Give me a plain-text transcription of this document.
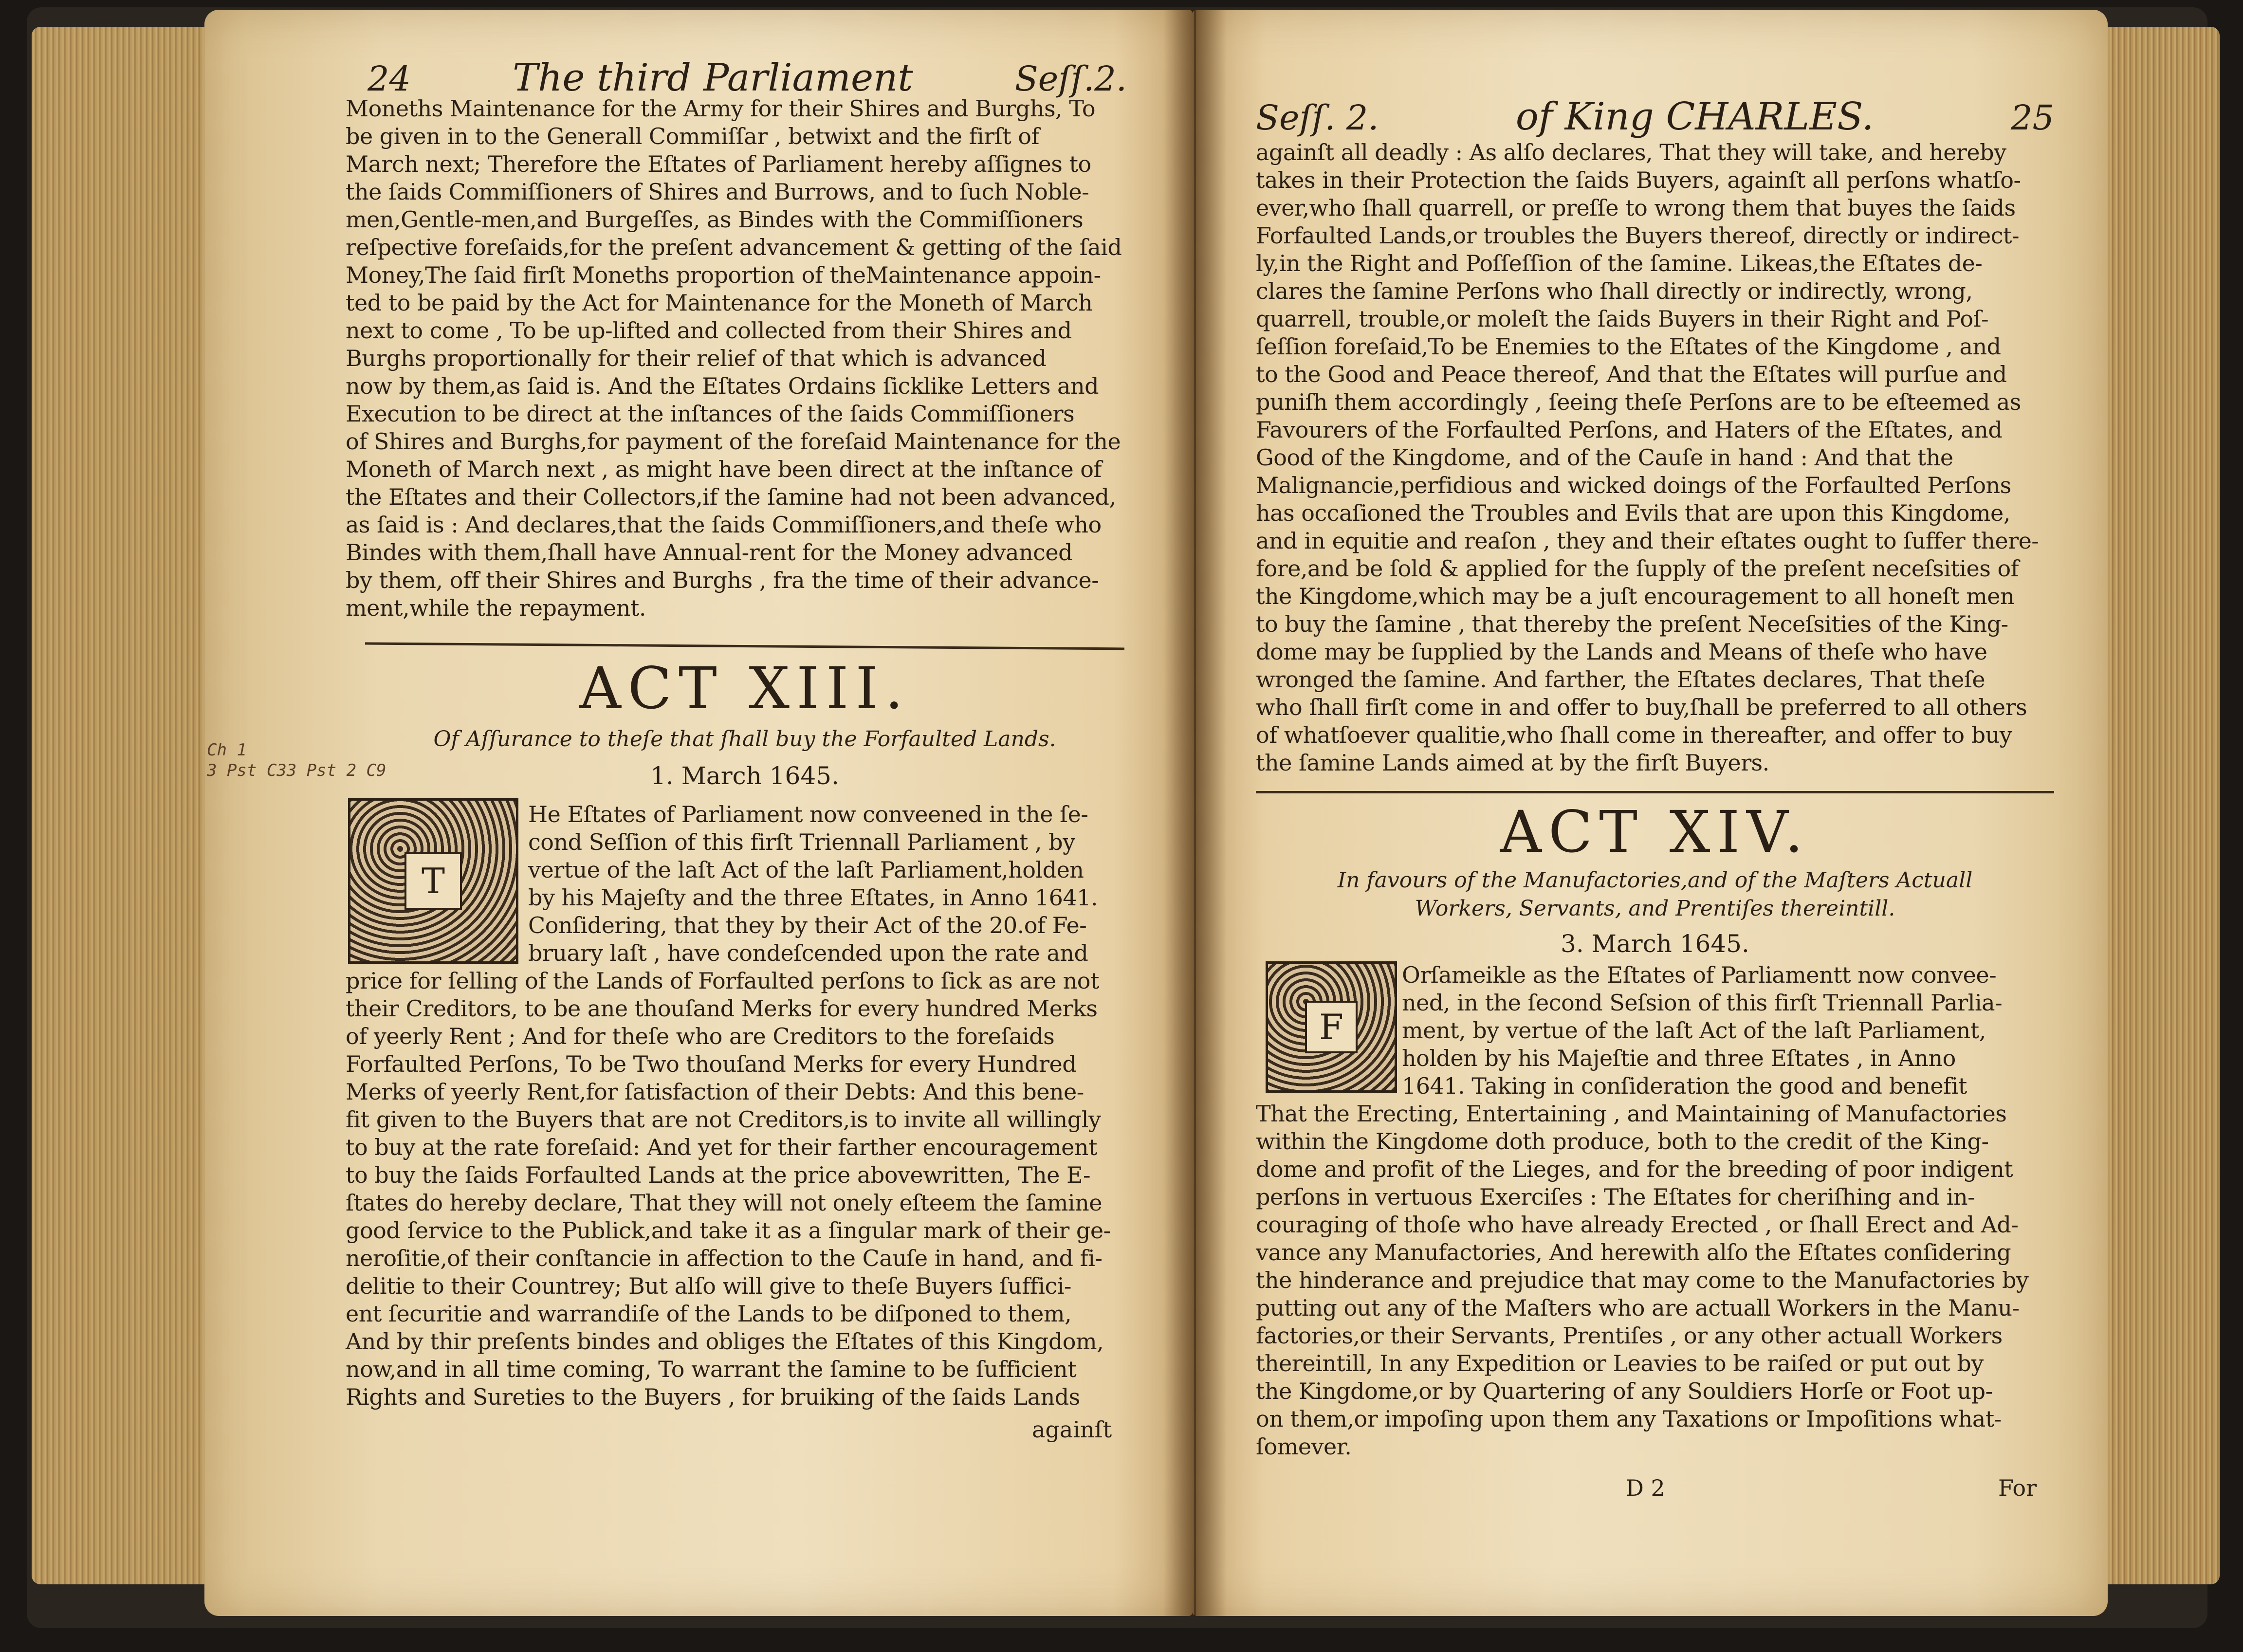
24	The third Parliament	Seſſ.2.
Moneths Maintenance for the Army for their Shires and Burghs, To
be given in to the Generall Commiſſar , betwixt and the firſt of
March next; Therefore the Eſtates of Parliament hereby aſſignes to
the ſaids Commiſſioners of Shires and Burrows, and to ſuch Noble-
men,Gentle-men,and Burgeſſes, as Bindes with the Commiſſioners
reſpective foreſaids,for the preſent advancement & getting of the ſaid
Money,The ſaid firſt Moneths proportion of theMaintenance appoin-
ted to be paid by the Act for Maintenance for the Moneth of March
next to come , To be up-lifted and collected from their Shires and
Burghs proportionally for their relief of that which is advanced
now by them,as ſaid is. And the Eſtates Ordains ſicklike Letters and
Execution to be direct at the inſtances of the ſaids Commiſſioners
of Shires and Burghs,for payment of the foreſaid Maintenance for the
Moneth of March next , as might have been direct at the inſtance of
the Eſtates and their Collectors,if the ſamine had not been advanced,
as ſaid is : And declares,that the ſaids Commiſſioners,and theſe who
Bindes with them,ſhall have Annual-rent for the Money advanced
by them, off their Shires and Burghs , fra the time of their advance-
ment,while the repayment.
ACT XIII.
Of Aſſurance to theſe that ſhall buy the Forfaulted Lands.
1. March 1645.
Ch 1
3 Pst C33 Pst 2 C9
T
He Eſtates of Parliament now conveened in the ſe-
cond Seſſion of this firſt Triennall Parliament , by
vertue of the laſt Act of the laſt Parliament,holden
by his Majeſty and the three Eſtates, in Anno 1641.
Conſidering, that they by their Act of the 20.of Fe-
bruary laſt , have condeſcended upon the rate and
price for ſelling of the Lands of Forfaulted perſons to ſick as are not
their Creditors, to be ane thouſand Merks for every hundred Merks
of yeerly Rent ; And for theſe who are Creditors to the foreſaids
Forfaulted Perſons, To be Two thouſand Merks for every Hundred
Merks of yeerly Rent,for ſatisfaction of their Debts: And this bene-
fit given to the Buyers that are not Creditors,is to invite all willingly
to buy at the rate foreſaid: And yet for their farther encouragement
to buy the ſaids Forfaulted Lands at the price abovewritten, The E-
ſtates do hereby declare, That they will not onely eſteem the ſamine
good ſervice to the Publick,and take it as a ſingular mark of their ge-
neroſitie,of their conſtancie in affection to the Cauſe in hand, and fi-
delitie to their Countrey; But alſo will give to theſe Buyers ſuffici-
ent ſecuritie and warrandiſe of the Lands to be diſponed to them,
And by thir preſents bindes and obliges the Eſtates of this Kingdom,
now,and in all time coming, To warrant the ſamine to be ſufficient
Rights and Sureties to the Buyers , for bruiking of the ſaids Lands
againſt
Seſſ. 2.	of King CHARLES.	25
againſt all deadly : As alſo declares, That they will take, and hereby
takes in their Protection the ſaids Buyers, againſt all perſons whatſo-
ever,who ſhall quarrell, or preſſe to wrong them that buyes the ſaids
Forfaulted Lands,or troubles the Buyers thereof, directly or indirect-
ly,in the Right and Poſſeſſion of the ſamine. Likeas,the Eſtates de-
clares the ſamine Perſons who ſhall directly or indirectly, wrong,
quarrell, trouble,or moleſt the ſaids Buyers in their Right and Poſ-
ſeſſion foreſaid,To be Enemies to the Eſtates of the Kingdome , and
to the Good and Peace thereof, And that the Eſtates will purſue and
puniſh them accordingly , ſeeing theſe Perſons are to be eſteemed as
Favourers of the Forfaulted Perſons, and Haters of the Eſtates, and
Good of the Kingdome, and of the Cauſe in hand : And that the
Malignancie,perfidious and wicked doings of the Forfaulted Perſons
has occaſioned the Troubles and Evils that are upon this Kingdome,
and in equitie and reaſon , they and their eſtates ought to ſuffer there-
fore,and be ſold & applied for the ſupply of the preſent neceſsities of
the Kingdome,which may be a juſt encouragement to all honeſt men
to buy the ſamine , that thereby the preſent Neceſsities of the King-
dome may be ſupplied by the Lands and Means of theſe who have
wronged the ſamine. And farther, the Eſtates declares, That theſe
who ſhall firſt come in and offer to buy,ſhall be preferred to all others
of whatſoever qualitie,who ſhall come in thereafter, and offer to buy
the ſamine Lands aimed at by the firſt Buyers.
ACT XIV.
In favours of the Manufactories,and of the Maſters Actuall
Workers, Servants, and Prentiſes thereintill.
3. March 1645.
F
Orſameikle as the Eſtates of Parliamentt now convee-
ned, in the ſecond Seſsion of this firſt Triennall Parlia-
ment, by vertue of the laſt Act of the laſt Parliament,
holden by his Majeſtie and three Eſtates , in Anno
1641. Taking in conſideration the good and benefit
That the Erecting, Entertaining , and Maintaining of Manufactories
within the Kingdome doth produce, both to the credit of the King-
dome and profit of the Lieges, and for the breeding of poor indigent
perſons in vertuous Exerciſes : The Eſtates for cheriſhing and in-
couraging of thoſe who have already Erected , or ſhall Erect and Ad-
vance any Manufactories, And herewith alſo the Eſtates conſidering
the hinderance and prejudice that may come to the Manufactories by
putting out any of the Maſters who are actuall Workers in the Manu-
factories,or their Servants, Prentiſes , or any other actuall Workers
thereintill, In any Expedition or Leavies to be raiſed or put out by
the Kingdome,or by Quartering of any Souldiers Horſe or Foot up-
on them,or impoſing upon them any Taxations or Impoſitions what-
ſomever.
D 2	For
